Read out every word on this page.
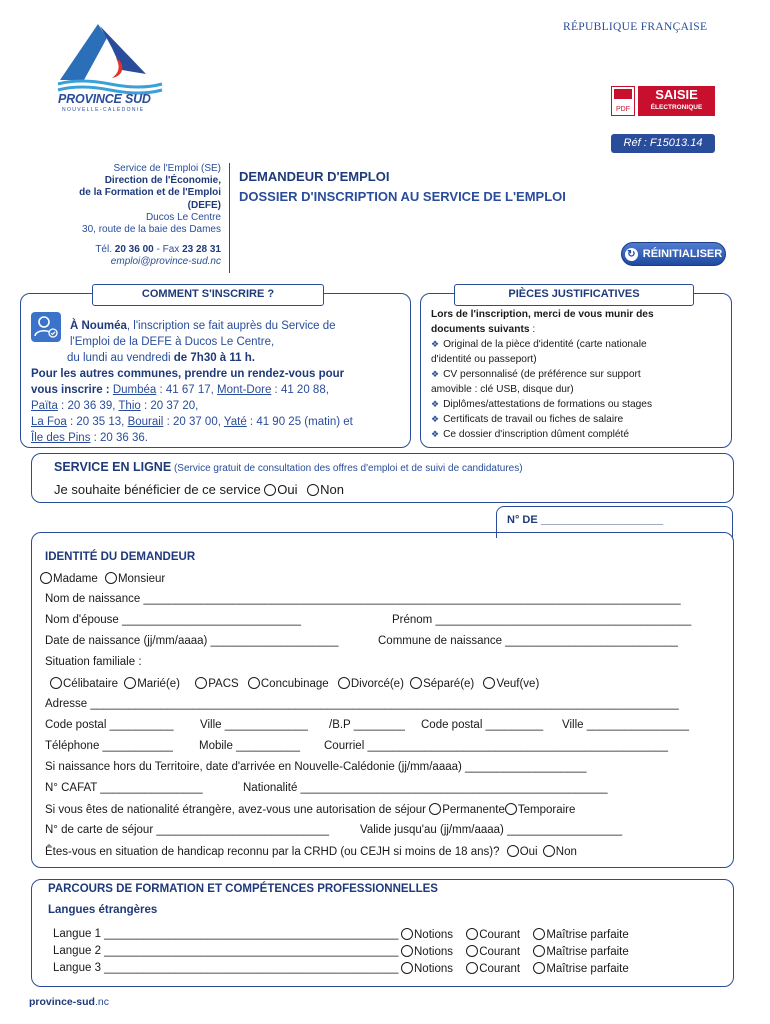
RÉPUBLIQUE FRANÇAISE
PROVINCE SUD
NOUVELLE-CALÉDONIE	PDF
SAISIE
ÉLECTRONIQUE
Réf : F15013.14
Service de l'Emploi (SE)
Direction de l'Économie,
de la Formation et de l'Emploi
(DEFE)
Ducos Le Centre
30, route de la baie des Dames
Tél. 20 36 00 - Fax 23 28 31
emploi@province-sud.nc
DEMANDEUR D'EMPLOI
DOSSIER D'INSCRIPTION AU SERVICE DE L'EMPLOI
↻ RÉINITIALISER
COMMENT S'INSCRIRE ?
À Nouméa, l'inscription se fait auprès du Service de
l'Emploi de la DEFE à Ducos Le Centre,
du lundi au vendredi de 7h30 à 11 h.
Pour les autres communes, prendre un rendez-vous pour
vous inscrire : Dumbéa : 41 67 17, Mont-Dore : 41 20 88,
Païta : 20 36 39, Thio : 20 37 20,
La Foa : 20 35 13, Bourail : 20 37 00, Yaté : 41 90 25 (matin) et
Île des Pins : 20 36 36.
PIÈCES JUSTIFICATIVES
Lors de l'inscription, merci de vous munir des
documents suivants :
❖ Original de la pièce d'identité (carte nationale
d'identité ou passeport)
❖ CV personnalisé (de préférence sur support
amovible : clé USB, disque dur)
❖ Diplômes/attestations de formations ou stages
❖ Certificats de travail ou fiches de salaire
❖ Ce dossier d'inscription dûment complété
SERVICE EN LIGNE (Service gratuit de consultation des offres d'emploi et de suivi de candidatures)
Je souhaite bénéficier de ce service Oui Non
N° DE ____________________
IDENTITÉ DU DEMANDEUR
Madame Monsieur
Nom de naissance ____________________________________________________________________________________
Nom d'épouse ____________________________	Prénom ________________________________________
Date de naissance (jj/mm/aaaa) ____________________	Commune de naissance ___________________________
Situation familiale :
Célibataire Marié(e) PACS Concubinage Divorcé(e) Séparé(e) Veuf(ve)
Adresse ____________________________________________________________________________________________
Code postal __________ Ville _____________ /B.P ________ Code postal _________ Ville ________________
Téléphone ___________ Mobile __________ Courriel _______________________________________________
Si naissance hors du Territoire, date d'arrivée en Nouvelle-Calédonie (jj/mm/aaaa) ___________________
N° CAFAT ________________	Nationalité ________________________________________________
Si vous êtes de nationalité étrangère, avez-vous une autorisation de séjour Permanente Temporaire
N° de carte de séjour ___________________________	Valide jusqu'au (jj/mm/aaaa) __________________
Êtes-vous en situation de handicap reconnu par la CRHD (ou CEJH si moins de 18 ans)? Oui Non
PARCOURS DE FORMATION ET COMPÉTENCES PROFESSIONNELLES
Langues étrangères
Langue 1 ______________________________________________	Notions Courant Maîtrise parfaite
Langue 2 ______________________________________________	Notions Courant Maîtrise parfaite
Langue 3 ______________________________________________	Notions Courant Maîtrise parfaite
province-sud.nc
